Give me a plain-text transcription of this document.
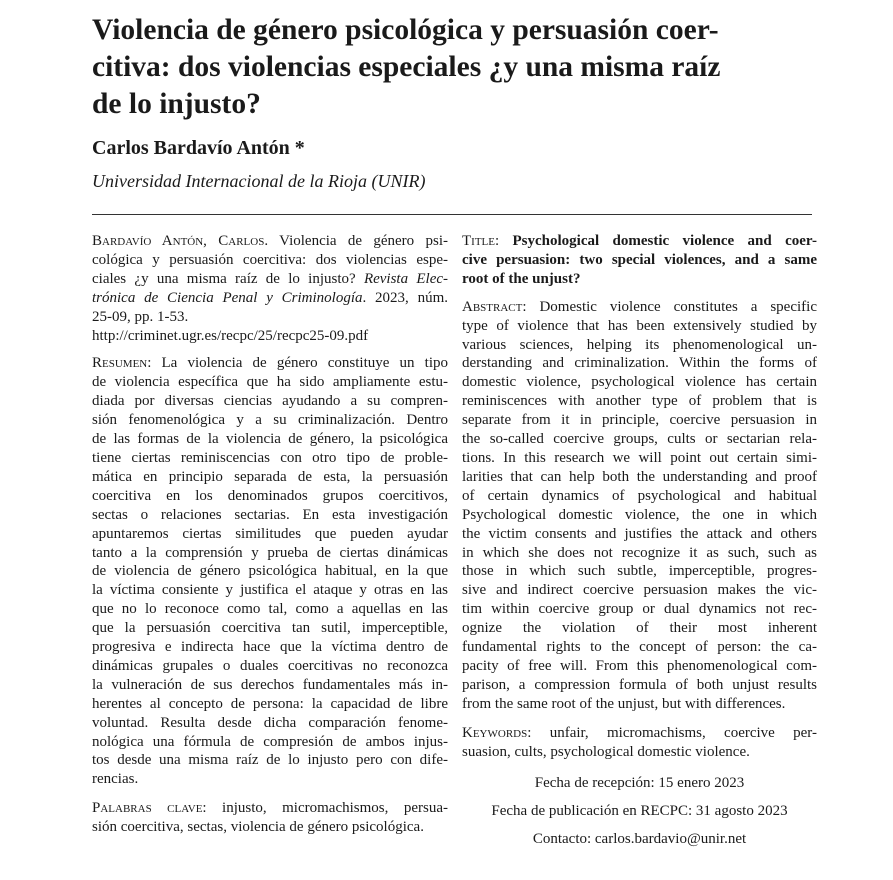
Violencia de género psicológica y persuasión coer-
citiva: dos violencias especiales ¿y una misma raíz
de lo injusto?
Carlos Bardavío Antón *
Universidad Internacional de la Rioja (UNIR)
Bardavío Antón, Carlos. Violencia de género psi-
cológica y persuasión coercitiva: dos violencias espe-
ciales ¿y una misma raíz de lo injusto? Revista Elec-
trónica de Ciencia Penal y Criminología. 2023, núm.
25-09, pp. 1-53.
http://criminet.ugr.es/recpc/25/recpc25-09.pdf
Resumen: La violencia de género constituye un tipo
de violencia específica que ha sido ampliamente estu-
diada por diversas ciencias ayudando a su compren-
sión fenomenológica y a su criminalización. Dentro
de las formas de la violencia de género, la psicológica
tiene ciertas reminiscencias con otro tipo de proble-
mática en principio separada de esta, la persuasión
coercitiva en los denominados grupos coercitivos,
sectas o relaciones sectarias. En esta investigación
apuntaremos ciertas similitudes que pueden ayudar
tanto a la comprensión y prueba de ciertas dinámicas
de violencia de género psicológica habitual, en la que
la víctima consiente y justifica el ataque y otras en las
que no lo reconoce como tal, como a aquellas en las
que la persuasión coercitiva tan sutil, imperceptible,
progresiva e indirecta hace que la víctima dentro de
dinámicas grupales o duales coercitivas no reconozca
la vulneración de sus derechos fundamentales más in-
herentes al concepto de persona: la capacidad de libre
voluntad. Resulta desde dicha comparación fenome-
nológica una fórmula de compresión de ambos injus-
tos desde una misma raíz de lo injusto pero con dife-
rencias.
Palabras clave: injusto, micromachismos, persua-
sión coercitiva, sectas, violencia de género psicológica.
Title: Psychological domestic violence and coer-
cive persuasion: two special violences, and a same
root of the unjust?
Abstract: Domestic violence constitutes a specific
type of violence that has been extensively studied by
various sciences, helping its phenomenological un-
derstanding and criminalization. Within the forms of
domestic violence, psychological violence has certain
reminiscences with another type of problem that is
separate from it in principle, coercive persuasion in
the so-called coercive groups, cults or sectarian rela-
tions. In this research we will point out certain simi-
larities that can help both the understanding and proof
of certain dynamics of psychological and habitual
Psychological domestic violence, the one in which
the victim consents and justifies the attack and others
in which she does not recognize it as such, such as
those in which such subtle, imperceptible, progres-
sive and indirect coercive persuasion makes the vic-
tim within coercive group or dual dynamics not rec-
ognize the violation of their most inherent
fundamental rights to the concept of person: the ca-
pacity of free will. From this phenomenological com-
parison, a compression formula of both unjust results
from the same root of the unjust, but with differences.
Keywords: unfair, micromachisms, coercive per-
suasion, cults, psychological domestic violence.
Fecha de recepción: 15 enero 2023
Fecha de publicación en RECPC: 31 agosto 2023
Contacto: carlos.bardavio@unir.net
